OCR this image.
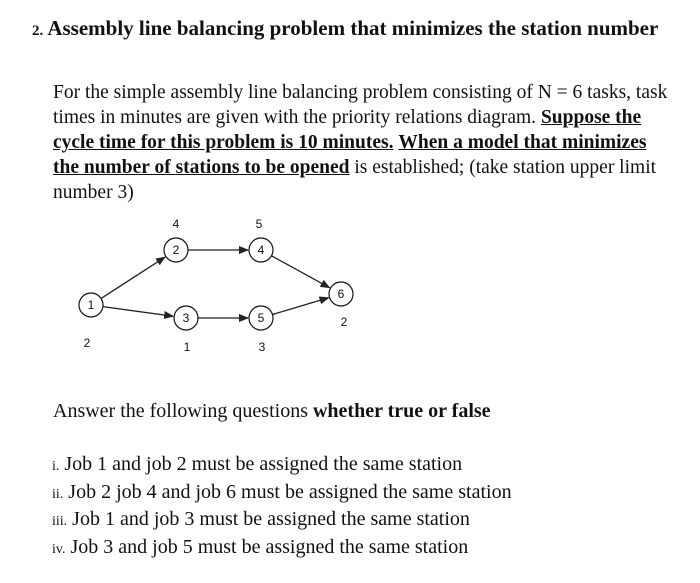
2. Assembly line balancing problem that minimizes the station number
For the simple assembly line balancing problem consisting of N = 6 tasks, task times in minutes are given with the priority relations diagram. Suppose the cycle time for this problem is 10 minutes. When a model that minimizes the number of stations to be opened is established; (take station upper limit number 3)
1
2
2
4
3
1
4
5
5
3
6
2
Answer the following questions whether true or false
i. Job 1 and job 2 must be assigned the same station
ii. Job 2 job 4 and job 6 must be assigned the same station
iii. Job 1 and job 3 must be assigned the same station
iv. Job 3 and job 5 must be assigned the same station
